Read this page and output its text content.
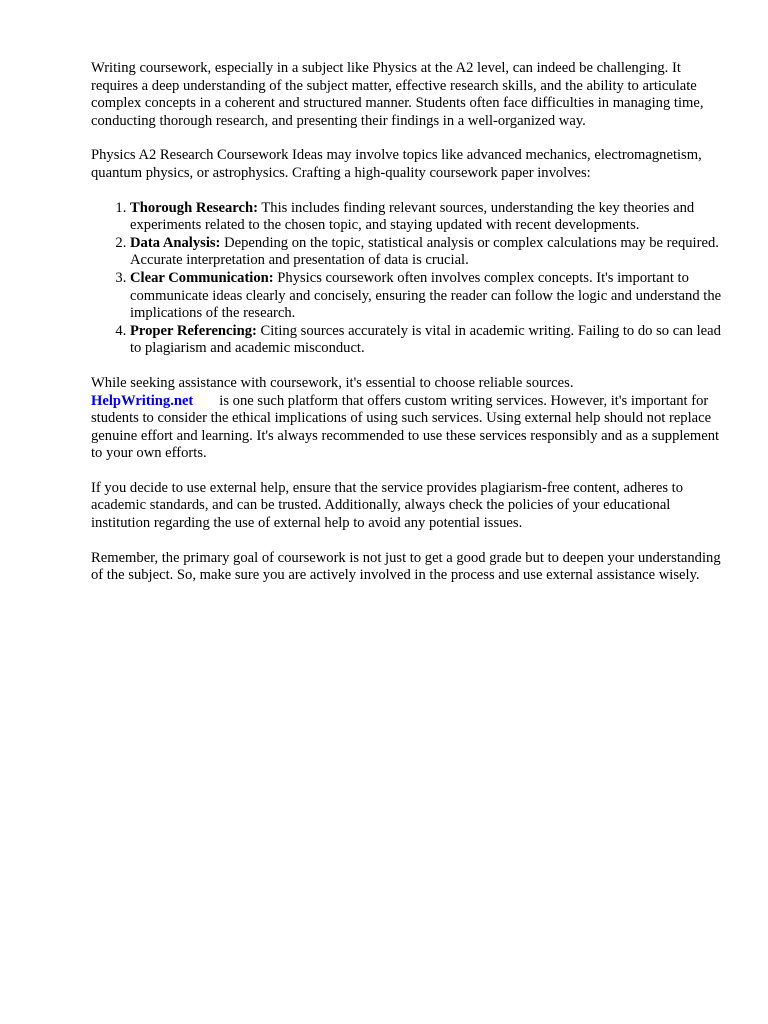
Writing coursework, especially in a subject like Physics at the A2 level, can indeed be challenging. It requires a deep understanding of the subject matter, effective research skills, and the ability to articulate complex concepts in a coherent and structured manner. Students often face difficulties in managing time, conducting thorough research, and presenting their findings in a well-organized way.

Physics A2 Research Coursework Ideas may involve topics like advanced mechanics, electromagnetism, quantum physics, or astrophysics. Crafting a high-quality coursework paper involves:

1. Thorough Research: This includes finding relevant sources, understanding the key theories and experiments related to the chosen topic, and staying updated with recent developments.
2. Data Analysis: Depending on the topic, statistical analysis or complex calculations may be required. Accurate interpretation and presentation of data is crucial.
3. Clear Communication: Physics coursework often involves complex concepts. It's important to communicate ideas clearly and concisely, ensuring the reader can follow the logic and understand the implications of the research.
4. Proper Referencing: Citing sources accurately is vital in academic writing. Failing to do so can lead to plagiarism and academic misconduct.

While seeking assistance with coursework, it's essential to choose reliable sources.
HelpWriting.net is one such platform that offers custom writing services. However, it's important for students to consider the ethical implications of using such services. Using external help should not replace genuine effort and learning. It's always recommended to use these services responsibly and as a supplement to your own efforts.

If you decide to use external help, ensure that the service provides plagiarism-free content, adheres to academic standards, and can be trusted. Additionally, always check the policies of your educational institution regarding the use of external help to avoid any potential issues.

Remember, the primary goal of coursework is not just to get a good grade but to deepen your understanding of the subject. So, make sure you are actively involved in the process and use external assistance wisely.
